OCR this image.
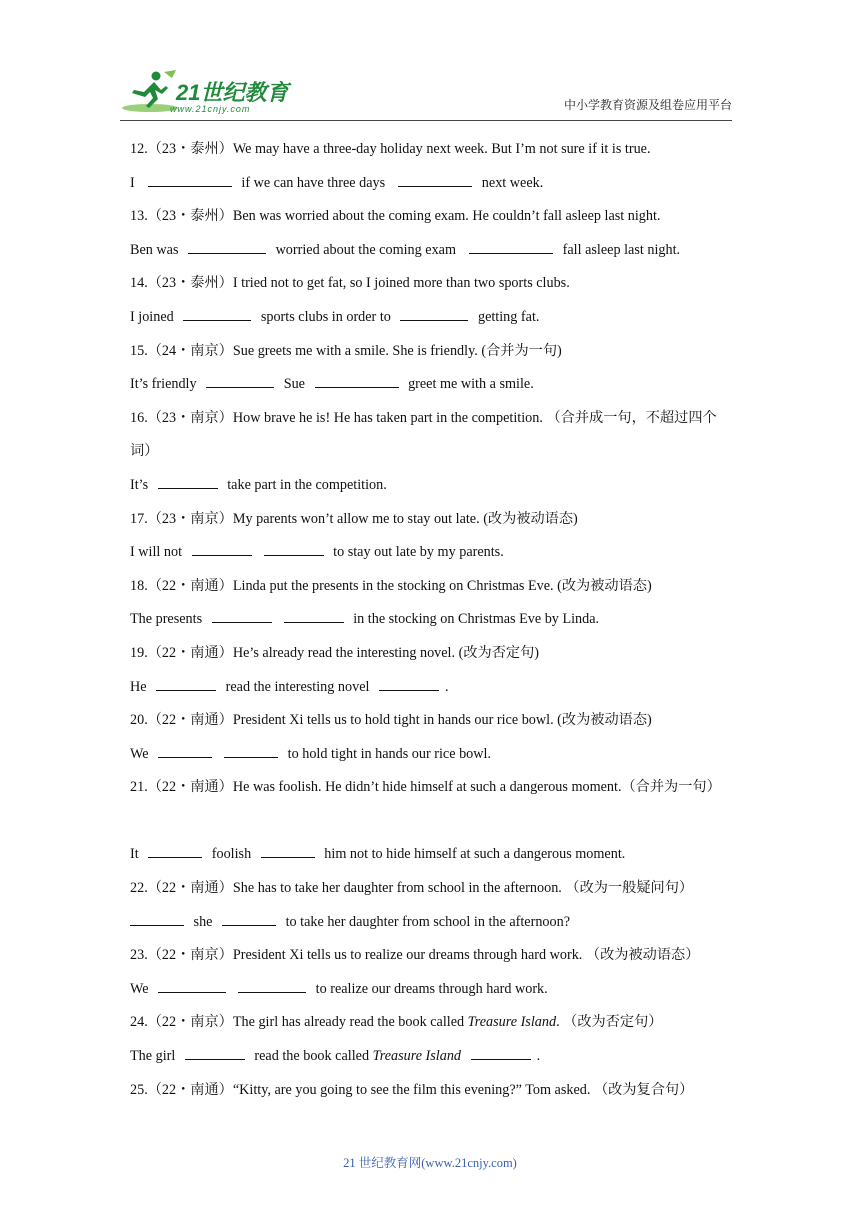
21世纪教育
www.21cnjy.com	中小学教育资源及组卷应用平台
12.（23・泰州）We may have a three-day holiday next week. But I’m not sure if it is true.
I	if we can have three days	next week.
13.（23・泰州）Ben was worried about the coming exam. He couldn’t fall asleep last night.
Ben was	worried about the coming exam	fall asleep last night.
14.（23・泰州）I tried not to get fat, so I joined more than two sports clubs.
I joined	sports clubs in order to	getting fat.
15.（24・南京）Sue greets me with a smile. She is friendly. (合并为一句)
It’s friendly	Sue	greet me with a smile.
16.（23・南京）How brave he is! He has taken part in the competition. （合并成一句，不超过四个词）
It’s	take part in the competition.
17.（23・南京）My parents won’t allow me to stay out late. (改为被动语态)
I will not	to stay out late by my parents.
18.（22・南通）Linda put the presents in the stocking on Christmas Eve. (改为被动语态)
The presents	in the stocking on Christmas Eve by Linda.
19.（22・南通）He’s already read the interesting novel. (改为否定句)
He	read the interesting novel	.
20.（22・南通）President Xi tells us to hold tight in hands our rice bowl. (改为被动语态)
We	to hold tight in hands our rice bowl.
21.（22・南通）He was foolish. He didn’t hide himself at such a dangerous moment.（合并为一句）
It	foolish	him not to hide himself at such a dangerous moment.
22.（22・南通）She has to take her daughter from school in the afternoon. （改为一般疑问句）
she	to take her daughter from school in the afternoon?
23.（22・南京）President Xi tells us to realize our dreams through hard work. （改为被动语态）
We	to realize our dreams through hard work.
24.（22・南京）The girl has already read the book called Treasure Island. （改为否定句）
The girl	read the book called Treasure Island	.
25.（22・南通）“Kitty, are you going to see the film this evening?” Tom asked. （改为复合句）
21 世纪教育网(www.21cnjy.com)
